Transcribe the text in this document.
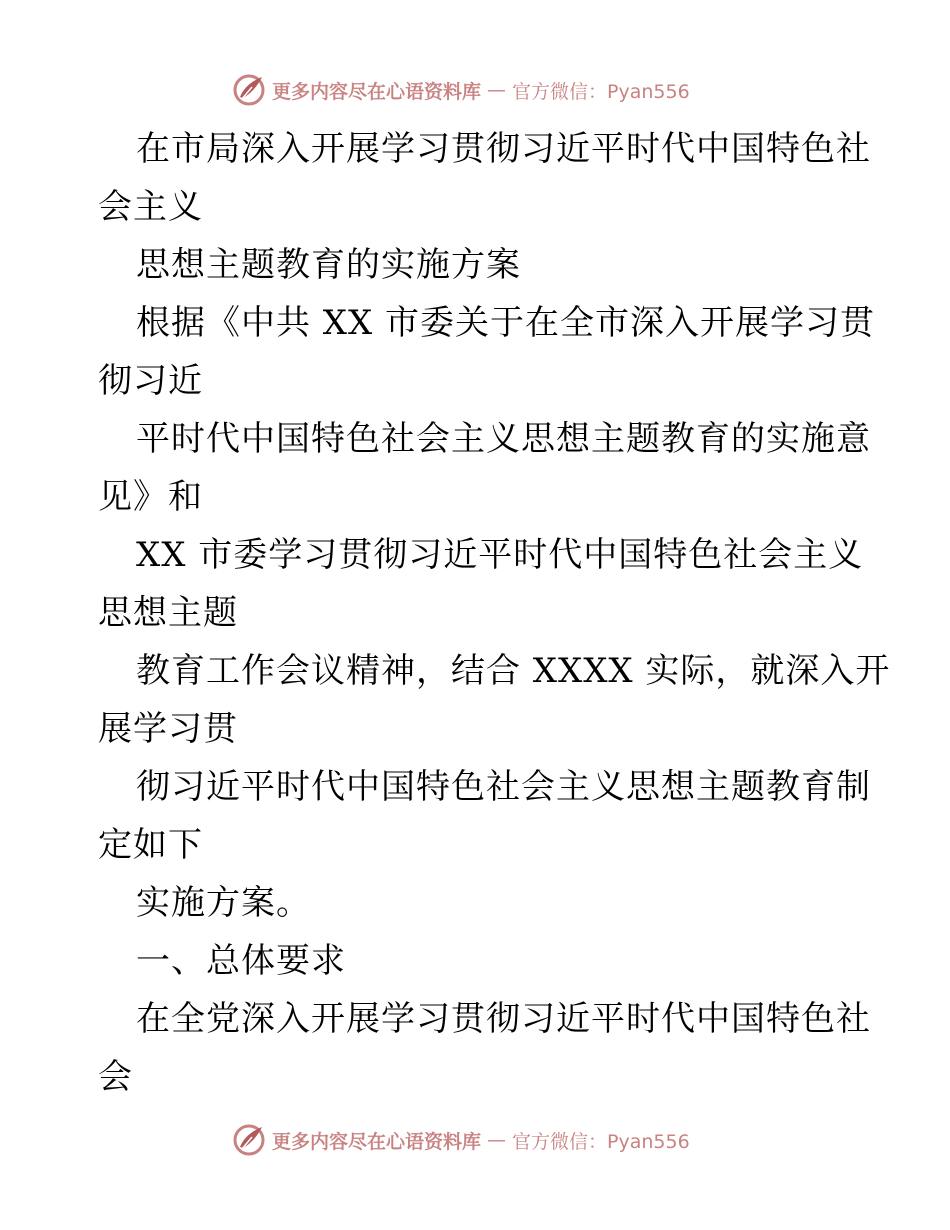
更多内容尽在心语资料库 — 官方微信：Pyan556
在市局深入开展学习贯彻习近平时代中国特色社
会主义
思想主题教育的实施方案
根据《中共 XX 市委关于在全市深入开展学习贯
彻习近
平时代中国特色社会主义思想主题教育的实施意
见》和
XX 市委学习贯彻习近平时代中国特色社会主义
思想主题
教育工作会议精神，结合 XXXX 实际，就深入开
展学习贯
彻习近平时代中国特色社会主义思想主题教育制
定如下
实施方案。
一、总体要求
在全党深入开展学习贯彻习近平时代中国特色社
会
更多内容尽在心语资料库 — 官方微信：Pyan556
